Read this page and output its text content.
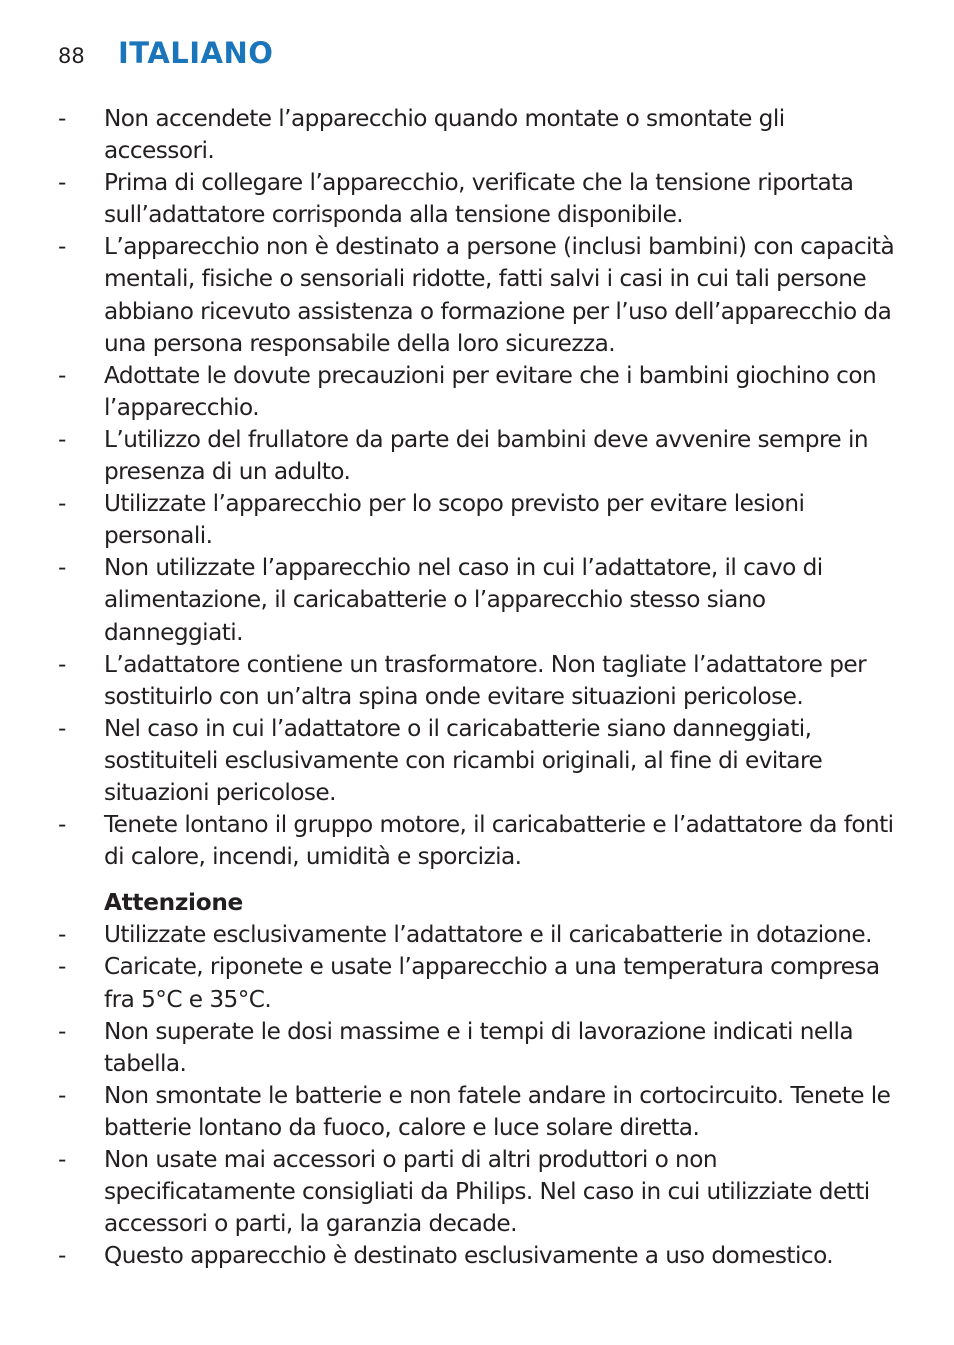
88	ITALIANO
- Non accendete l’apparecchio quando montate o smontate gli accessori.
- Prima di collegare l’apparecchio, verificate che la tensione riportata sull’adattatore corrisponda alla tensione disponibile.
- L’apparecchio non è destinato a persone (inclusi bambini) con capacità mentali, fisiche o sensoriali ridotte, fatti salvi i casi in cui tali persone abbiano ricevuto assistenza o formazione per l’uso dell’apparecchio da una persona responsabile della loro sicurezza.
- Adottate le dovute precauzioni per evitare che i bambini giochino con l’apparecchio.
- L’utilizzo del frullatore da parte dei bambini deve avvenire sempre in presenza di un adulto.
- Utilizzate l’apparecchio per lo scopo previsto per evitare lesioni personali.
- Non utilizzate l’apparecchio nel caso in cui l’adattatore, il cavo di alimentazione, il caricabatterie o l’apparecchio stesso siano danneggiati.
- L’adattatore contiene un trasformatore. Non tagliate l’adattatore per sostituirlo con un’altra spina onde evitare situazioni pericolose.
- Nel caso in cui l’adattatore o il caricabatterie siano danneggiati, sostituiteli esclusivamente con ricambi originali, al fine di evitare situazioni pericolose.
- Tenete lontano il gruppo motore, il caricabatterie e l’adattatore da fonti di calore, incendi, umidità e sporcizia.
Attenzione
- Utilizzate esclusivamente l’adattatore e il caricabatterie in dotazione.
- Caricate, riponete e usate l’apparecchio a una temperatura compresa fra 5°C e 35°C.
- Non superate le dosi massime e i tempi di lavorazione indicati nella tabella.
- Non smontate le batterie e non fatele andare in cortocircuito. Tenete le batterie lontano da fuoco, calore e luce solare diretta.
- Non usate mai accessori o parti di altri produttori o non specificatamente consigliati da Philips. Nel caso in cui utilizziate detti accessori o parti, la garanzia decade.
- Questo apparecchio è destinato esclusivamente a uso domestico.
